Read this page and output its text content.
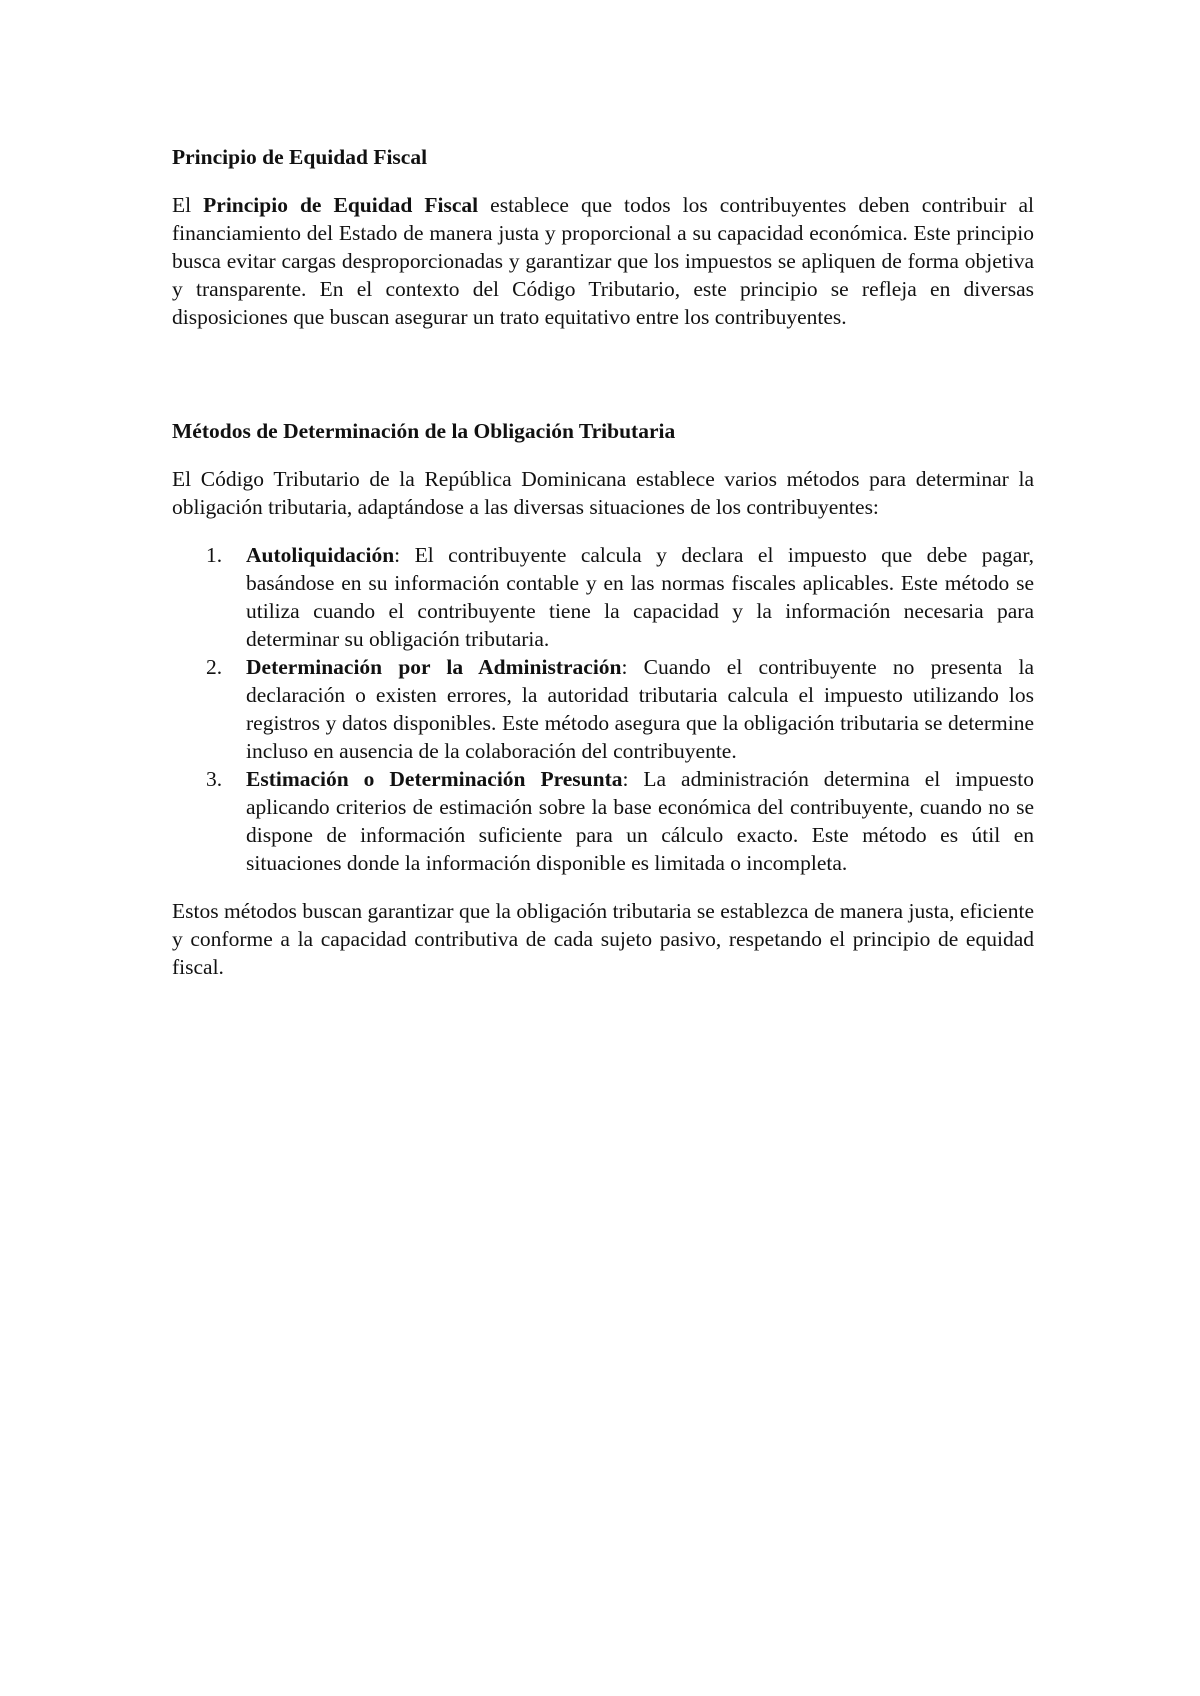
Principio de Equidad Fiscal

El Principio de Equidad Fiscal establece que todos los contribuyentes deben contribuir al financiamiento del Estado de manera justa y proporcional a su capacidad económica. Este principio busca evitar cargas desproporcionadas y garantizar que los impuestos se apliquen de forma objetiva y transparente. En el contexto del Código Tributario, este principio se refleja en diversas disposiciones que buscan asegurar un trato equitativo entre los contribuyentes.

Métodos de Determinación de la Obligación Tributaria

El Código Tributario de la República Dominicana establece varios métodos para determinar la obligación tributaria, adaptándose a las diversas situaciones de los contribuyentes:

1. Autoliquidación: El contribuyente calcula y declara el impuesto que debe pagar, basándose en su información contable y en las normas fiscales aplicables. Este método se utiliza cuando el contribuyente tiene la capacidad y la información necesaria para determinar su obligación tributaria.
2. Determinación por la Administración: Cuando el contribuyente no presenta la declaración o existen errores, la autoridad tributaria calcula el impuesto utilizando los registros y datos disponibles. Este método asegura que la obligación tributaria se determine incluso en ausencia de la colaboración del contribuyente.
3. Estimación o Determinación Presunta: La administración determina el impuesto aplicando criterios de estimación sobre la base económica del contribuyente, cuando no se dispone de información suficiente para un cálculo exacto. Este método es útil en situaciones donde la información disponible es limitada o incompleta.

Estos métodos buscan garantizar que la obligación tributaria se establezca de manera justa, eficiente y conforme a la capacidad contributiva de cada sujeto pasivo, respetando el principio de equidad fiscal.
